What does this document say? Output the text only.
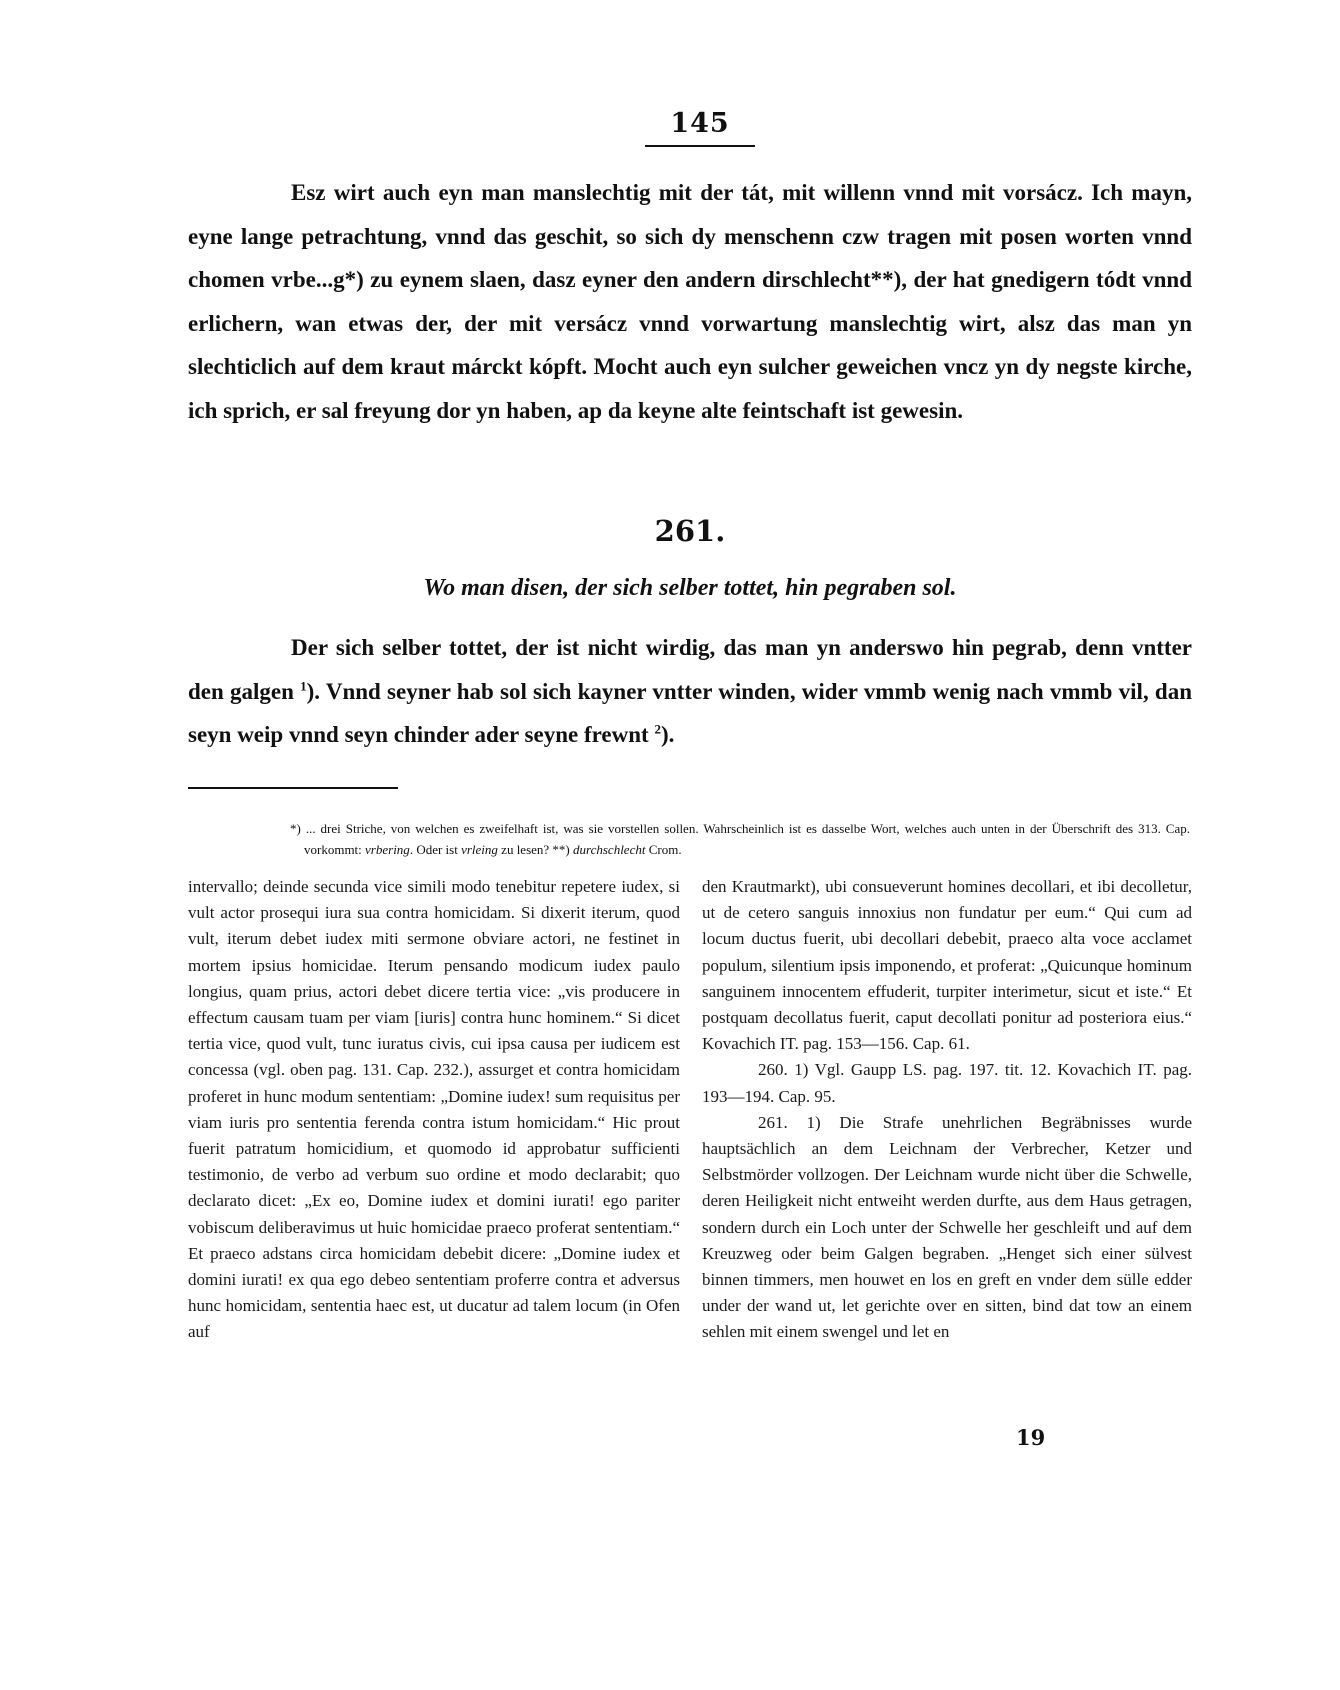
145

Esz wirt auch eyn man manslechtig mit der tát, mit willenn vnnd mit vorsácz. Ich mayn, eyne lange petrachtung, vnnd das geschit, so sich dy menschenn czw tragen mit posen worten vnnd chomen vrbe...g*) zu eynem slaen, dasz eyner den andern dirschlecht**), der hat gnedigern tódt vnnd erlichern, wan etwas der, der mit versácz vnnd vorwartung manslechtig wirt, alsz das man yn slechticlich auf dem kraut márckt kópft. Mocht auch eyn sulcher geweichen vncz yn dy negste kirche, ich sprich, er sal freyung dor yn haben, ap da keyne alte feintschaft ist gewesin.

261.
Wo man disen, der sich selber tottet, hin pegraben sol.

Der sich selber tottet, der ist nicht wirdig, das man yn anderswo hin pegrab, denn vntter den galgen $^1$). Vnnd seyner hab sol sich kayner vntter winden, wider vmmb wenig nach vmmb vil, dan seyn weip vnnd seyn chinder ader seyne frewnt $^2$).

*) ... drei Striche, von welchen es zweifelhaft ist, was sie vorstellen sollen. Wahrscheinlich ist es dasselbe Wort, welches auch unten in der Überschrift des 313. Cap. vorkommt: vrbering. Oder ist vrleing zu lesen? **) durchschlecht Crom.

intervallo; deinde secunda vice simili modo tenebitur repetere iudex, si vult actor prosequi iura sua contra homicidam. Si dixerit iterum, quod vult, iterum debet iudex miti sermone obviare actori, ne festinet in mortem ipsius homicidae. Iterum pensando modicum iudex paulo longius, quam prius, actori debet dicere tertia vice: „vis producere in effectum causam tuam per viam [iuris] contra hunc hominem.“ Si dicet tertia vice, quod vult, tunc iuratus civis, cui ipsa causa per iudicem est concessa (vgl. oben pag. 131. Cap. 232.), assurget et contra homicidam proferet in hunc modum sententiam: „Domine iudex! sum requisitus per viam iuris pro sententia ferenda contra istum homicidam.“ Hic prout fuerit patratum homicidium, et quomodo id approbatur sufficienti testimonio, de verbo ad verbum suo ordine et modo declarabit; quo declarato dicet: „Ex eo, Domine iudex et domini iurati! ego pariter vobiscum deliberavimus ut huic homicidae praeco proferat sententiam.“ Et praeco adstans circa homicidam debebit dicere: „Domine iudex et domini iurati! ex qua ego debeo sententiam proferre contra et adversus hunc homicidam, sententia haec est, ut ducatur ad talem locum (in Ofen auf

den Krautmarkt), ubi consueverunt homines decollari, et ibi decolletur, ut de cetero sanguis innoxius non fundatur per eum.“ Qui cum ad locum ductus fuerit, ubi decollari debebit, praeco alta voce acclamet populum, silentium ipsis imponendo, et proferat: „Quicunque hominum sanguinem innocentem effuderit, turpiter interimetur, sicut et iste.“ Et postquam decollatus fuerit, caput decollati ponitur ad posteriora eius.“ Kovachich IT. pag. 153—156. Cap. 61.

260. 1) Vgl. Gaupp LS. pag. 197. tit. 12. Kovachich IT. pag. 193—194. Cap. 95.

261. 1) Die Strafe unehrlichen Begräbnisses wurde hauptsächlich an dem Leichnam der Verbrecher, Ketzer und Selbstmörder vollzogen. Der Leichnam wurde nicht über die Schwelle, deren Heiligkeit nicht entweiht werden durfte, aus dem Haus getragen, sondern durch ein Loch unter der Schwelle her geschleift und auf dem Kreuzweg oder beim Galgen begraben. „Henget sich einer sülvest binnen timmers, men houwet en los en greft en vnder dem sülle edder under der wand ut, let gerichte over en sitten, bind dat tow an einem sehlen mit einem swengel und let en

19
